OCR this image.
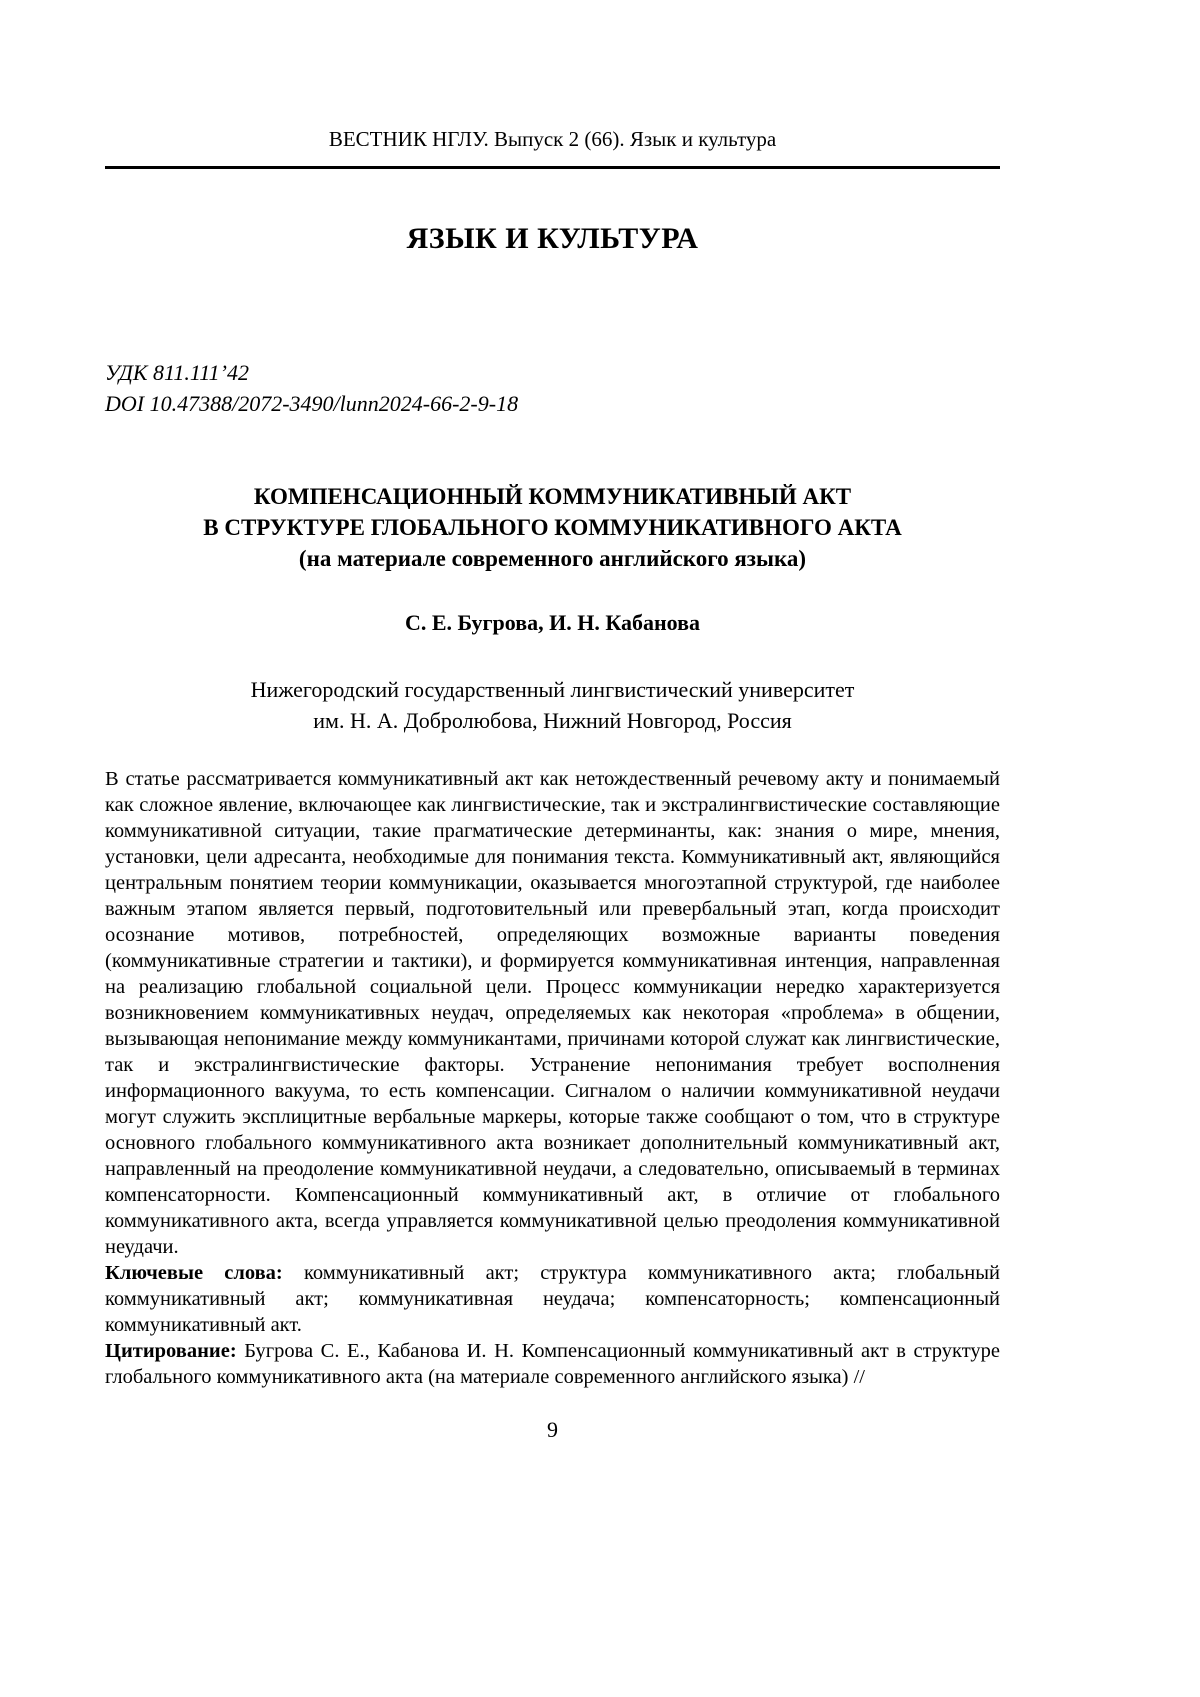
ВЕСТНИК НГЛУ. Выпуск 2 (66). Язык и культура
ЯЗЫК И КУЛЬТУРА
УДК 811.111’42
DOI 10.47388/2072-3490/lunn2024-66-2-9-18
КОМПЕНСАЦИОННЫЙ КОММУНИКАТИВНЫЙ АКТ
В СТРУКТУРЕ ГЛОБАЛЬНОГО КОММУНИКАТИВНОГО АКТА
(на материале современного английского языка)
С. Е. Бугрова, И. Н. Кабанова
Нижегородский государственный лингвистический университет
им. Н. А. Добролюбова, Нижний Новгород, Россия
В статье рассматривается коммуникативный акт как нетождественный речевому акту и понимаемый как сложное явление, включающее как лингвистические, так и экстралингвистические составляющие коммуникативной ситуации, такие прагматические детерминанты, как: знания о мире, мнения, установки, цели адресанта, необходимые для понимания текста. Коммуникативный акт, являющийся центральным понятием теории коммуникации, оказывается многоэтапной структурой, где наиболее важным этапом является первый, подготовительный или превербальный этап, когда происходит осознание мотивов, потребностей, определяющих возможные варианты поведения (коммуникативные стратегии и тактики), и формируется коммуникативная интенция, направленная на реализацию глобальной социальной цели. Процесс коммуникации нередко характеризуется возникновением коммуникативных неудач, определяемых как некоторая «проблема» в общении, вызывающая непонимание между коммуникантами, причинами которой служат как лингвистические, так и экстралингвистические факторы. Устранение непонимания требует восполнения информационного вакуума, то есть компенсации. Сигналом о наличии коммуникативной неудачи могут служить эксплицитные вербальные маркеры, которые также сообщают о том, что в структуре основного глобального коммуникативного акта возникает дополнительный коммуникативный акт, направленный на преодоление коммуникативной неудачи, а следовательно, описываемый в терминах компенсаторности. Компенсационный коммуникативный акт, в отличие от глобального коммуникативного акта, всегда управляется коммуникативной целью преодоления коммуникативной неудачи.
Ключевые слова: коммуникативный акт; структура коммуникативного акта; глобальный коммуникативный акт; коммуникативная неудача; компенсаторность; компенсационный коммуникативный акт.
Цитирование: Бугрова С. Е., Кабанова И. Н. Компенсационный коммуникативный акт в структуре глобального коммуникативного акта (на материале современного английского языка) //
9
